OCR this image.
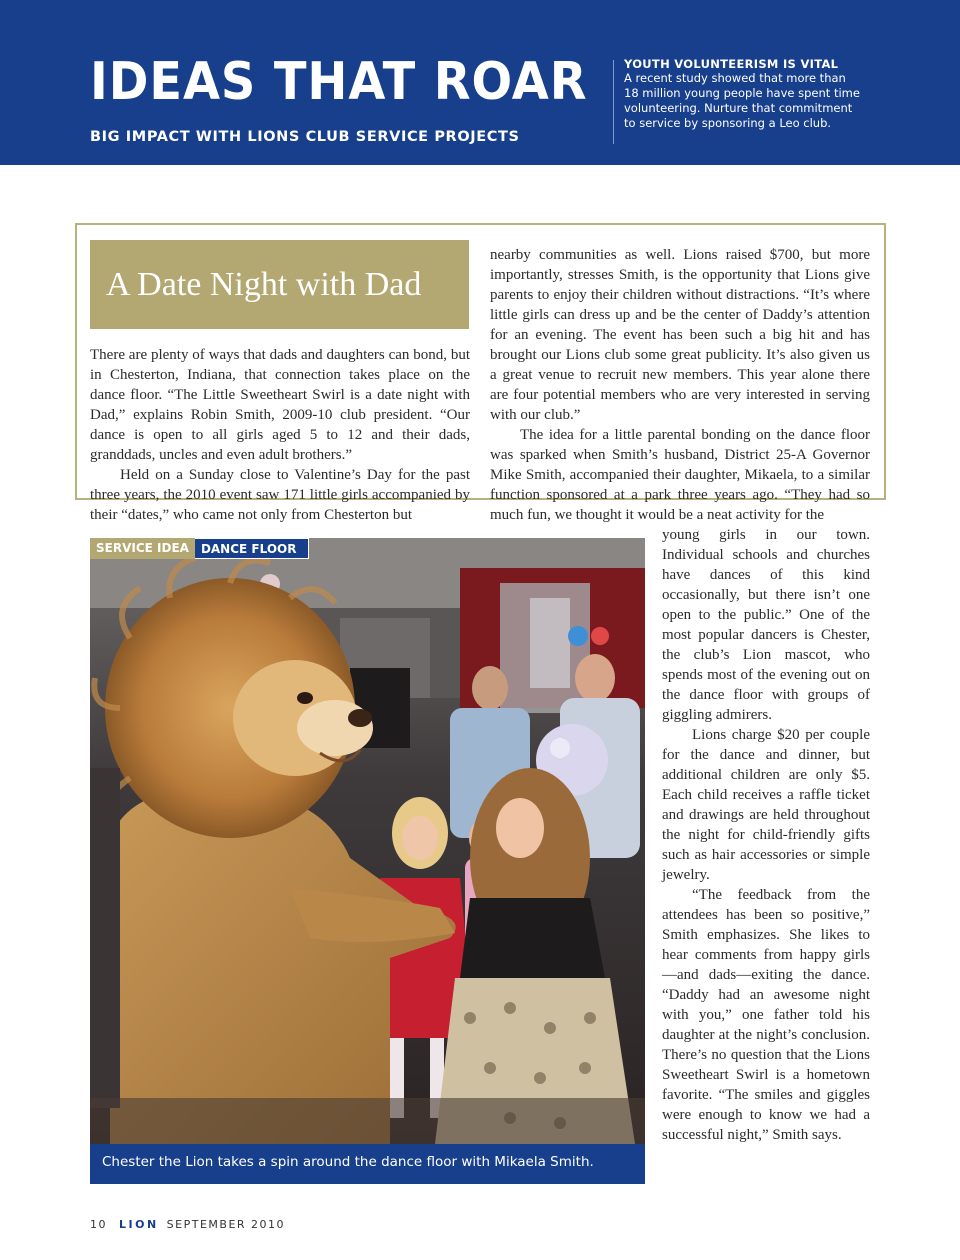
IDEAS THAT ROAR
BIG IMPACT WITH LIONS CLUB SERVICE PROJECTS
YOUTH VOLUNTEERISM IS VITAL
A recent study showed that more than 18 million young people have spent time volunteering. Nurture that commitment to service by sponsoring a Leo club.
A Date Night with Dad

There are plenty of ways that dads and daughters can bond, but in Chesterton, Indiana, that connection takes place on the dance floor. “The Little Sweetheart Swirl is a date night with Dad,” explains Robin Smith, 2009-10 club president. “Our dance is open to all girls aged 5 to 12 and their dads, granddads, uncles and even adult brothers.”

Held on a Sunday close to Valentine’s Day for the past three years, the 2010 event saw 171 little girls accompanied by their “dates,” who came not only from Chesterton but

nearby communities as well. Lions raised $700, but more importantly, stresses Smith, is the opportunity that Lions give parents to enjoy their children without distractions. “It’s where little girls can dress up and be the center of Daddy’s attention for an evening. The event has been such a big hit and has brought our Lions club some great publicity. It’s also given us a great venue to recruit new members. This year alone there are four potential members who are very interested in serving with our club.”

The idea for a little parental bonding on the dance floor was sparked when Smith’s husband, District 25-A Governor Mike Smith, accompanied their daughter, Mikaela, to a similar function sponsored at a park three years ago. “They had so much fun, we thought it would be a neat activity for the

young girls in our town. Individual schools and churches have dances of this kind occasionally, but there isn’t one open to the public.” One of the most popular dancers is Chester, the club’s Lion mascot, who spends most of the evening out on the dance floor with groups of giggling admirers.

Lions charge $20 per couple for the dance and dinner, but additional children are only $5. Each child receives a raffle ticket and drawings are held throughout the night for child-friendly gifts such as hair accessories or simple jewelry.

“The feedback from the attendees has been so positive,” Smith emphasizes. She likes to hear comments from happy girls—and dads—exiting the dance. “Daddy had an awesome night with you,” one father told his daughter at the night’s conclusion. There’s no question that the Lions Sweetheart Swirl is a hometown favorite. “The smiles and giggles were enough to know we had a successful night,” Smith says.

SERVICE IDEA	DANCE FLOOR
Chester the Lion takes a spin around the dance floor with Mikaela Smith.
10 LION SEPTEMBER 2010
